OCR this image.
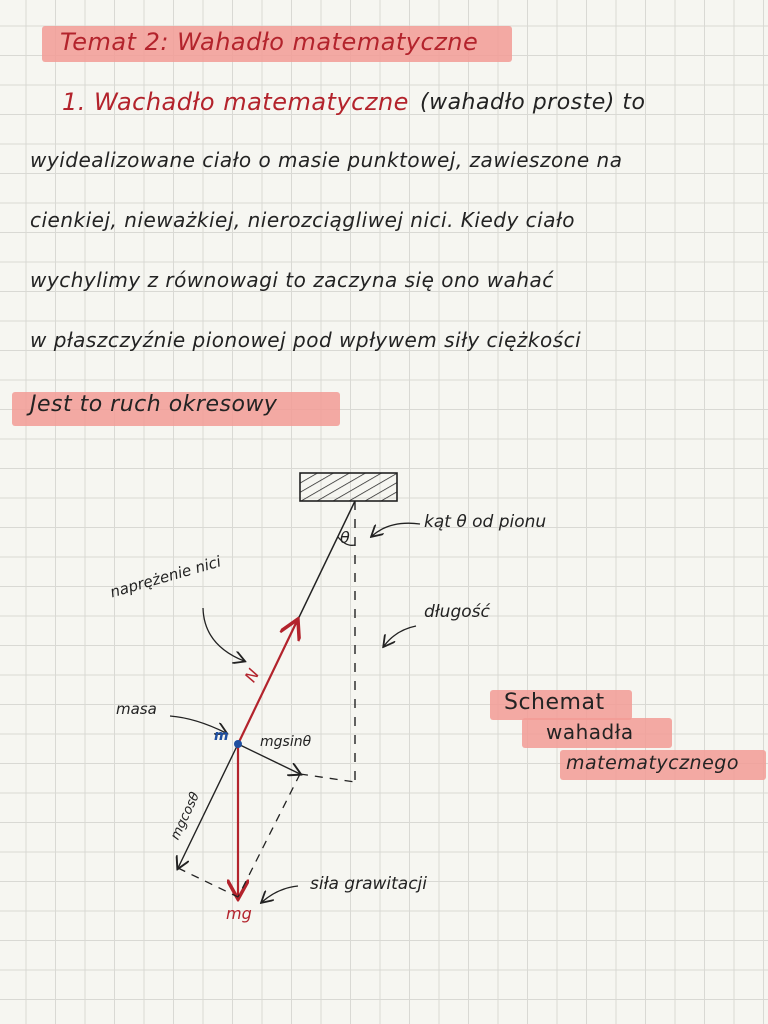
Temat 2: Wahadło matematyczne
1. Wachadło matematyczne (wahadło proste) to
wyidealizowane ciało o masie punktowej, zawieszone na
cienkiej, nieważkiej, nierozciągliwej nici. Kiedy ciało
wychylimy z równowagi to zaczyna się ono wahać
w płaszczyźnie pionowej pod wpływem siły ciężkości
Jest to ruch okresowy
θ
kąt θ od pionu
naprężenie nici
długość
masa
m
N
mgsinθ
mgcosθ
mg
siła grawitacji
Schemat
wahadła
matematycznego
